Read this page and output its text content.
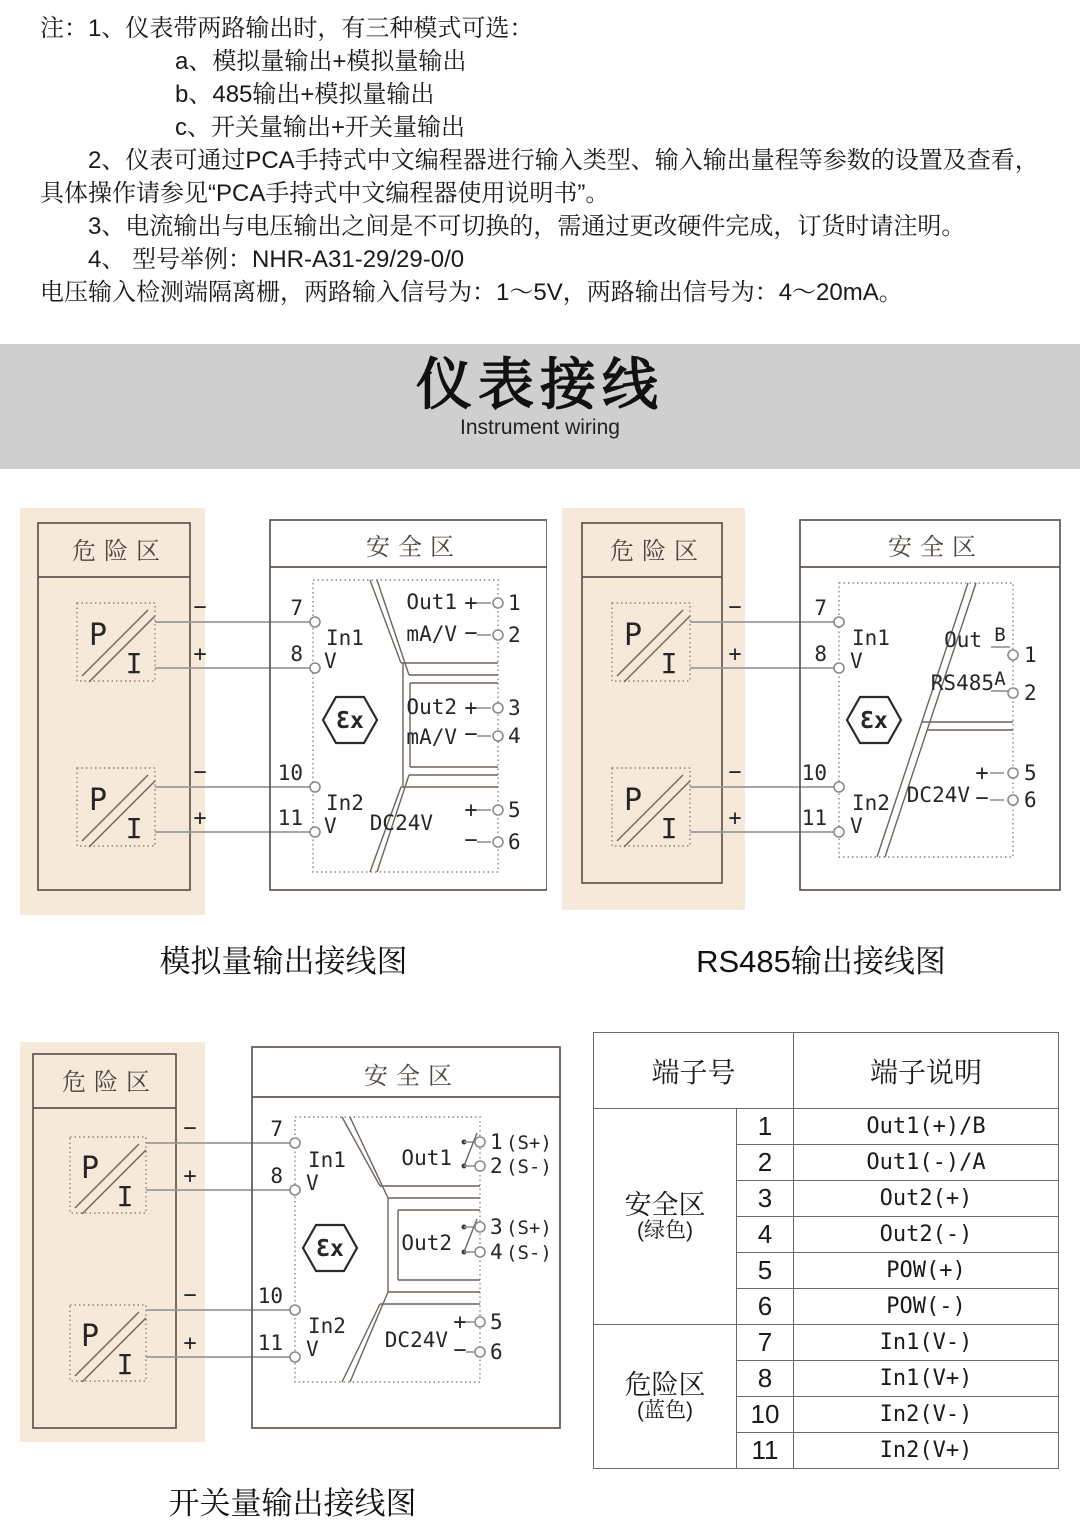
注：1、仪表带两路输出时，有三种模式可选：
a、模拟量输出+模拟量输出
b、485输出+模拟量输出
c、开关量输出+开关量输出
2、仪表可通过PCA手持式中文编程器进行输入类型、输入输出量程等参数的设置及查看，
具体操作请参见“PCA手持式中文编程器使用说明书”。
3、电流输出与电压输出之间是不可切换的，需通过更改硬件完成，订货时请注明。
4、 型号举例：NHR-A31-29/29-0/0
电压输入检测端隔离栅，两路输入信号为：1～5V，两路输出信号为：4～20mA。
仪表接线
Instrument wiring
危险区
P
I
P
I
−
+
−
+
7
8
10
11
安全区
In1
V
In2
V
Ɛx
Out1
mA/V
+
−
1
2
Out2
mA/V
+
−
3
4
DC24V +
−
5
6
模拟量输出接线图
危险区
P
I
P
I
−
+
−
+
7
8
10
11
安全区
In1
V
In2
V
Ɛx
Out
RS485
B
1
A
2
DC24V
+
−
5
6
RS485输出接线图
危险区
P
I
P
I
−
+
−
+
7
8
10
11
安全区
In1
V
In2
V
Ɛx
Out1
1 (S+)
2 (S-)
Out2
3 (S+)
4 (S-)
DC24V
+
−
5
6
开关量输出接线图
端子号		端子说明

安全区
(绿色)	1	Out1(+)/B
	2	Out1(-)/A
	3	Out2(+)
	4	Out2(-)
	5	POW(+)
	6	POW(-)

危险区
(蓝色)	7	In1(V-)
	8	In1(V+)
	10	In2(V-)
	11	In2(V+)
